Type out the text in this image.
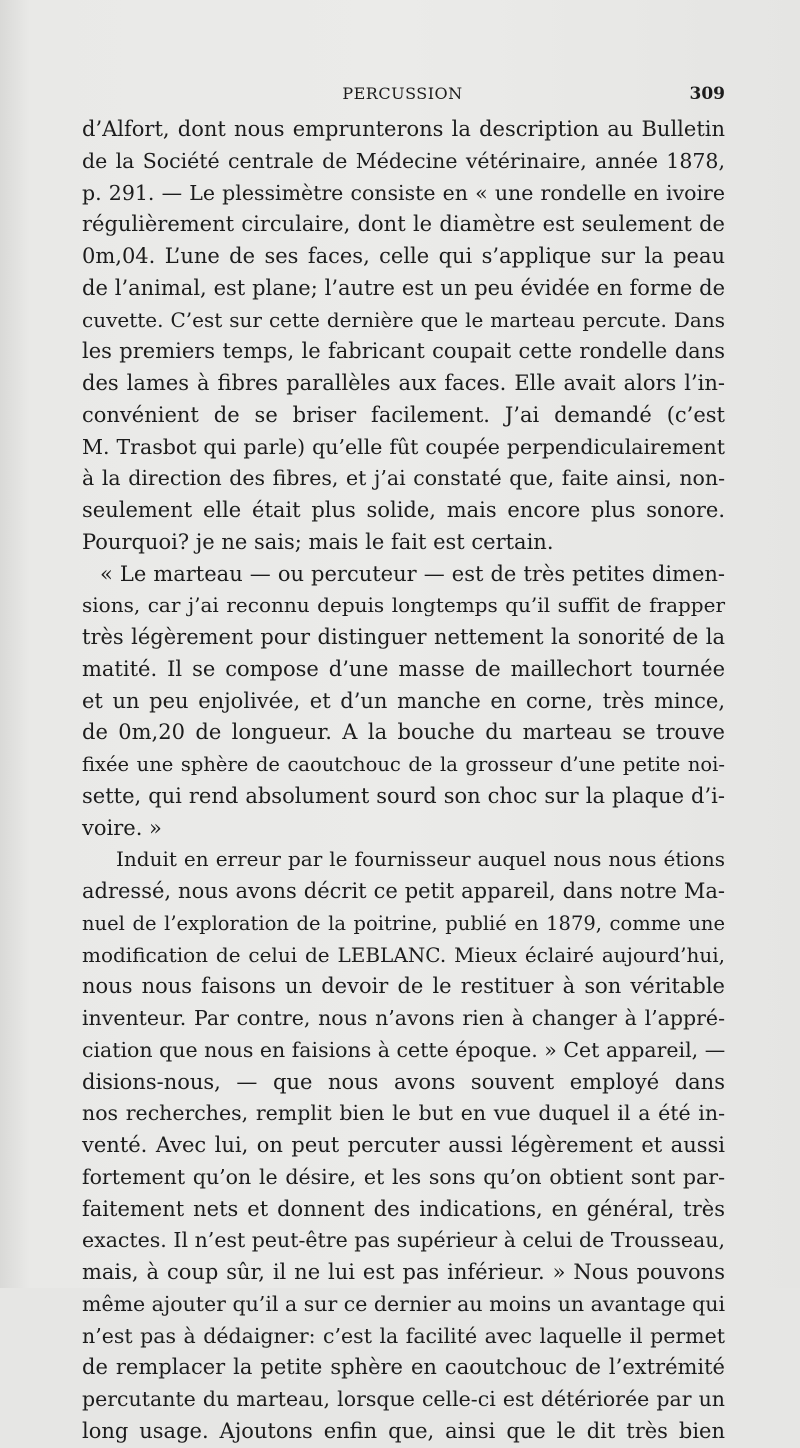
PERCUSSION	309
d’Alfort, dont nous emprunterons la description au Bulletin
de la Société centrale de Médecine vétérinaire, année 1878,
p. 291. — Le plessimètre consiste en « une rondelle en ivoire
régulièrement circulaire, dont le diamètre est seulement de
0m,04. L’une de ses faces, celle qui s’applique sur la peau
de l’animal, est plane; l’autre est un peu évidée en forme de
cuvette. C’est sur cette dernière que le marteau percute. Dans
les premiers temps, le fabricant coupait cette rondelle dans
des lames à fibres parallèles aux faces. Elle avait alors l’in-
convénient de se briser facilement. J’ai demandé (c’est
M. Trasbot qui parle) qu’elle fût coupée perpendiculairement
à la direction des fibres, et j’ai constaté que, faite ainsi, non-
seulement elle était plus solide, mais encore plus sonore.
Pourquoi? je ne sais; mais le fait est certain.
« Le marteau — ou percuteur — est de très petites dimen-
sions, car j’ai reconnu depuis longtemps qu’il suffit de frapper
très légèrement pour distinguer nettement la sonorité de la
matité. Il se compose d’une masse de maillechort tournée
et un peu enjolivée, et d’un manche en corne, très mince,
de 0m,20 de longueur. A la bouche du marteau se trouve
fixée une sphère de caoutchouc de la grosseur d’une petite noi-
sette, qui rend absolument sourd son choc sur la plaque d’i-
voire. »
Induit en erreur par le fournisseur auquel nous nous étions
adressé, nous avons décrit ce petit appareil, dans notre Ma-
nuel de l’exploration de la poitrine, publié en 1879, comme une
modification de celui de LEBLANC. Mieux éclairé aujourd’hui,
nous nous faisons un devoir de le restituer à son véritable
inventeur. Par contre, nous n’avons rien à changer à l’appré-
ciation que nous en faisions à cette époque. » Cet appareil, —
disions-nous, — que nous avons souvent employé dans
nos recherches, remplit bien le but en vue duquel il a été in-
venté. Avec lui, on peut percuter aussi légèrement et aussi
fortement qu’on le désire, et les sons qu’on obtient sont par-
faitement nets et donnent des indications, en général, très
exactes. Il n’est peut-être pas supérieur à celui de Trousseau,
mais, à coup sûr, il ne lui est pas inférieur. » Nous pouvons
même ajouter qu’il a sur ce dernier au moins un avantage qui
n’est pas à dédaigner: c’est la facilité avec laquelle il permet
de remplacer la petite sphère en caoutchouc de l’extrémité
percutante du marteau, lorsque celle-ci est détériorée par un
long usage. Ajoutons enfin que, ainsi que le dit très bien
